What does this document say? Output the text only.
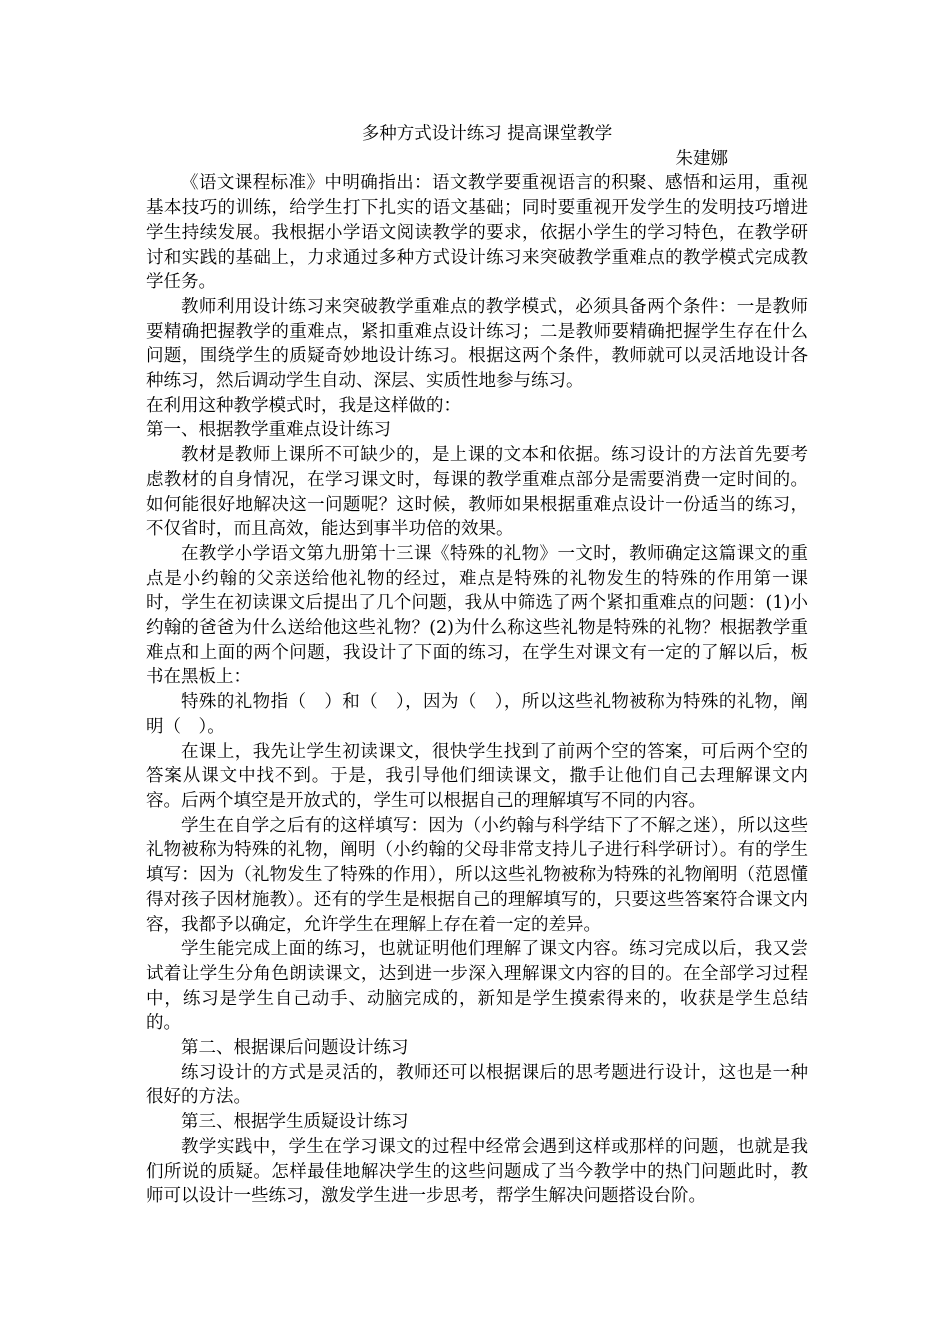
多种方式设计练习 提高课堂教学

朱建娜

《语文课程标准》中明确指出：语文教学要重视语言的积聚、感悟和运用，重视基本技巧的训练，给学生打下扎实的语文基础；同时要重视开发学生的发明技巧增进学生持续发展。我根据小学语文阅读教学的要求，依据小学生的学习特色，在教学研讨和实践的基础上，力求通过多种方式设计练习来突破教学重难点的教学模式完成教学任务。

教师利用设计练习来突破教学重难点的教学模式，必须具备两个条件：一是教师要精确把握教学的重难点，紧扣重难点设计练习；二是教师要精确把握学生存在什么问题，围绕学生的质疑奇妙地设计练习。根据这两个条件，教师就可以灵活地设计各种练习，然后调动学生自动、深层、实质性地参与练习。

在利用这种教学模式时，我是这样做的：

第一、根据教学重难点设计练习

教材是教师上课所不可缺少的，是上课的文本和依据。练习设计的方法首先要考虑教材的自身情况，在学习课文时，每课的教学重难点部分是需要消费一定时间的。如何能很好地解决这一问题呢？这时候，教师如果根据重难点设计一份适当的练习，不仅省时，而且高效，能达到事半功倍的效果。

在教学小学语文第九册第十三课《特殊的礼物》一文时，教师确定这篇课文的重点是小约翰的父亲送给他礼物的经过，难点是特殊的礼物发生的特殊的作用第一课时，学生在初读课文后提出了几个问题，我从中筛选了两个紧扣重难点的问题：(1)小约翰的爸爸为什么送给他这些礼物？(2)为什么称这些礼物是特殊的礼物？根据教学重难点和上面的两个问题，我设计了下面的练习，在学生对课文有一定的了解以后，板书在黑板上：

特殊的礼物指（　）和（　），因为（　），所以这些礼物被称为特殊的礼物，阐明（　）。

在课上，我先让学生初读课文，很快学生找到了前两个空的答案，可后两个空的答案从课文中找不到。于是，我引导他们细读课文，撒手让他们自己去理解课文内容。后两个填空是开放式的，学生可以根据自己的理解填写不同的内容。

学生在自学之后有的这样填写：因为（小约翰与科学结下了不解之迷），所以这些礼物被称为特殊的礼物，阐明（小约翰的父母非常支持儿子进行科学研讨）。有的学生填写：因为（礼物发生了特殊的作用），所以这些礼物被称为特殊的礼物阐明（范恩懂得对孩子因材施教）。还有的学生是根据自己的理解填写的，只要这些答案符合课文内容，我都予以确定，允许学生在理解上存在着一定的差异。

学生能完成上面的练习，也就证明他们理解了课文内容。练习完成以后，我又尝试着让学生分角色朗读课文，达到进一步深入理解课文内容的目的。在全部学习过程中，练习是学生自己动手、动脑完成的，新知是学生摸索得来的，收获是学生总结的。

第二、根据课后问题设计练习

练习设计的方式是灵活的，教师还可以根据课后的思考题进行设计，这也是一种很好的方法。

第三、根据学生质疑设计练习

教学实践中，学生在学习课文的过程中经常会遇到这样或那样的问题，也就是我们所说的质疑。怎样最佳地解决学生的这些问题成了当今教学中的热门问题此时，教师可以设计一些练习，激发学生进一步思考，帮学生解决问题搭设台阶。
